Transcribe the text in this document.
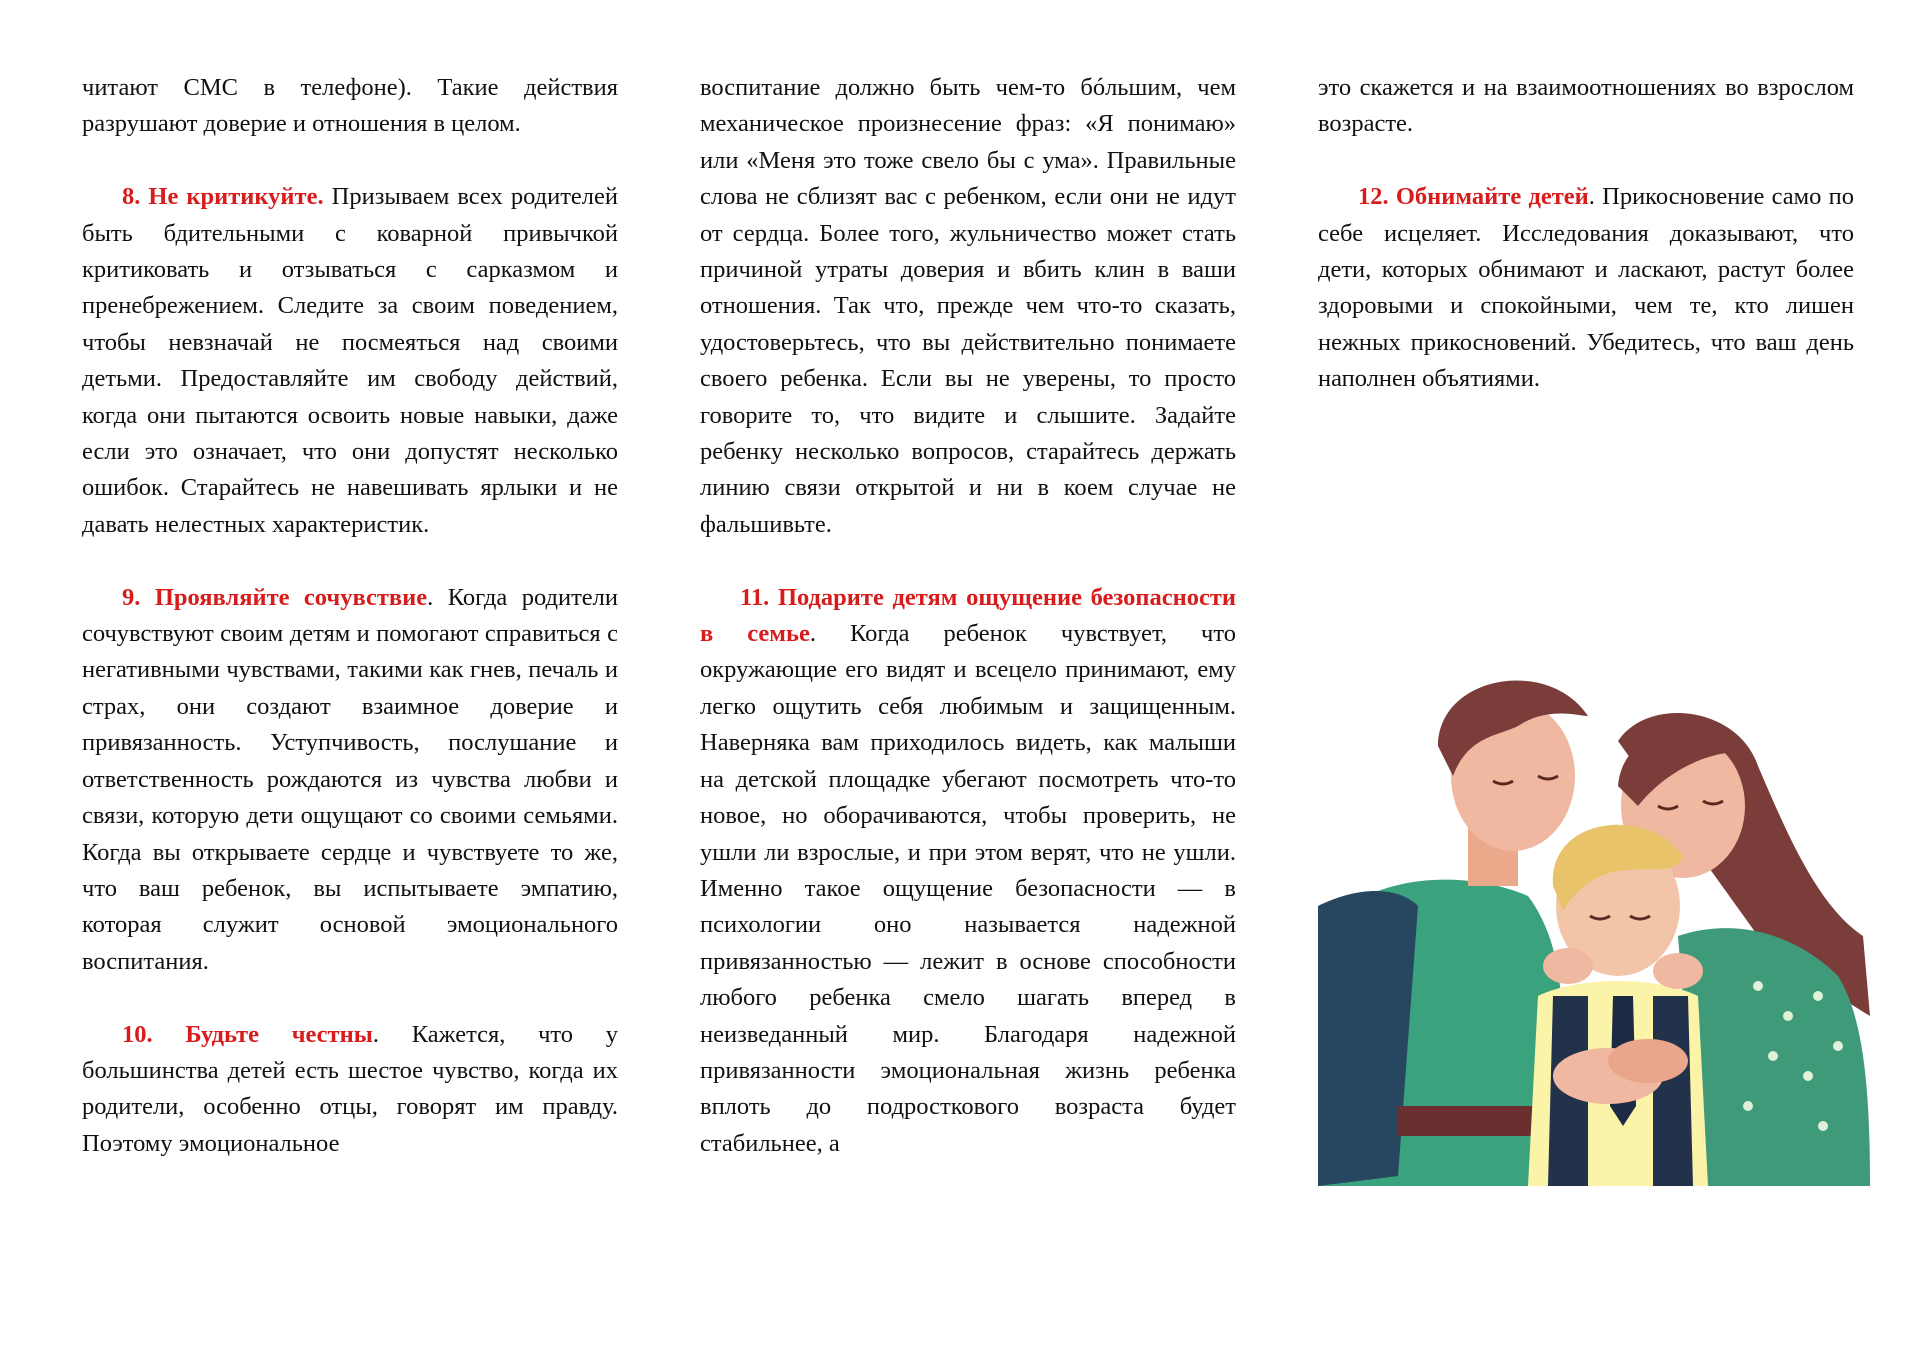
читают СМС в телефоне). Такие действия разрушают доверие и отношения в целом.

8. Не критикуйте. Призываем всех родителей быть бдительными с коварной привычкой критиковать и отзываться с сарказмом и пренебрежением. Следите за своим поведением, чтобы невзначай не посмеяться над своими детьми. Предоставляйте им свободу действий, когда они пытаются освоить новые навыки, даже если это означает, что они допустят несколько ошибок. Старайтесь не навешивать ярлыки и не давать нелестных характеристик.

9. Проявляйте сочувствие. Когда родители сочувствуют своим детям и помогают справиться с негативными чувствами, такими как гнев, печаль и страх, они создают взаимное доверие и привязанность. Уступчивость, послушание и ответственность рождаются из чувства любви и связи, которую дети ощущают со своими семьями. Когда вы открываете сердце и чувствуете то же, что ваш ребенок, вы испытываете эмпатию, которая служит основой эмоционального воспитания.

10. Будьте честны. Кажется, что у большинства детей есть шестое чувство, когда их родители, особенно отцы, говорят им правду. Поэтому эмоциональное

воспитание должно быть чем-то бóльшим, чем механическое произнесение фраз: «Я понимаю» или «Меня это тоже свело бы с ума». Правильные слова не сблизят вас с ребенком, если они не идут от сердца. Более того, жульничество может стать причиной утраты доверия и вбить клин в ваши отношения. Так что, прежде чем что-то сказать, удостоверьтесь, что вы действительно понимаете своего ребенка. Если вы не уверены, то просто говорите то, что видите и слышите. Задайте ребенку несколько вопросов, старайтесь держать линию связи открытой и ни в коем случае не фальшивьте.

11. Подарите детям ощущение безопасности в семье. Когда ребенок чувствует, что окружающие его видят и всецело принимают, ему легко ощутить себя любимым и защищенным. Наверняка вам приходилось видеть, как малыши на детской площадке убегают посмотреть что-то новое, но оборачиваются, чтобы проверить, не ушли ли взрослые, и при этом верят, что не ушли. Именно такое ощущение безопасности — в психологии оно называется надежной привязанностью — лежит в основе способности любого ребенка смело шагать вперед в неизведанный мир. Благодаря надежной привязанности эмоциональная жизнь ребенка вплоть до подросткового возраста будет стабильнее, а

это скажется и на взаимоотношениях во взрослом возрасте.

12. Обнимайте детей. Прикосновение само по себе исцеляет. Исследования доказывают, что дети, которых обнимают и ласкают, растут более здоровыми и спокойными, чем те, кто лишен нежных прикосновений. Убедитесь, что ваш день наполнен объятиями.
